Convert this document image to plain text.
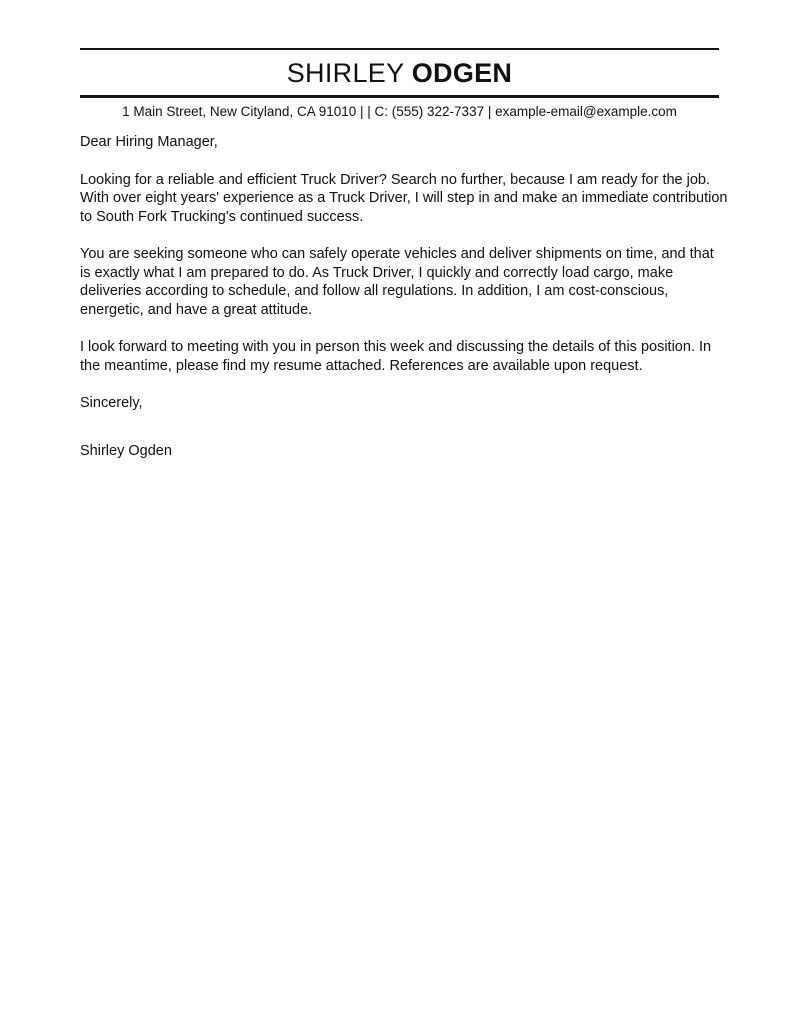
SHIRLEY ODGEN
1 Main Street, New Cityland, CA 91010 | | C: (555) 322-7337 | example-email@example.com

Dear Hiring Manager,

Looking for a reliable and efficient Truck Driver? Search no further, because I am ready for the job.
With over eight years' experience as a Truck Driver, I will step in and make an immediate contribution
to South Fork Trucking's continued success.

You are seeking someone who can safely operate vehicles and deliver shipments on time, and that
is exactly what I am prepared to do. As Truck Driver, I quickly and correctly load cargo, make
deliveries according to schedule, and follow all regulations. In addition, I am cost-conscious,
energetic, and have a great attitude.

I look forward to meeting with you in person this week and discussing the details of this position. In
the meantime, please find my resume attached. References are available upon request.

Sincerely,

Shirley Ogden
